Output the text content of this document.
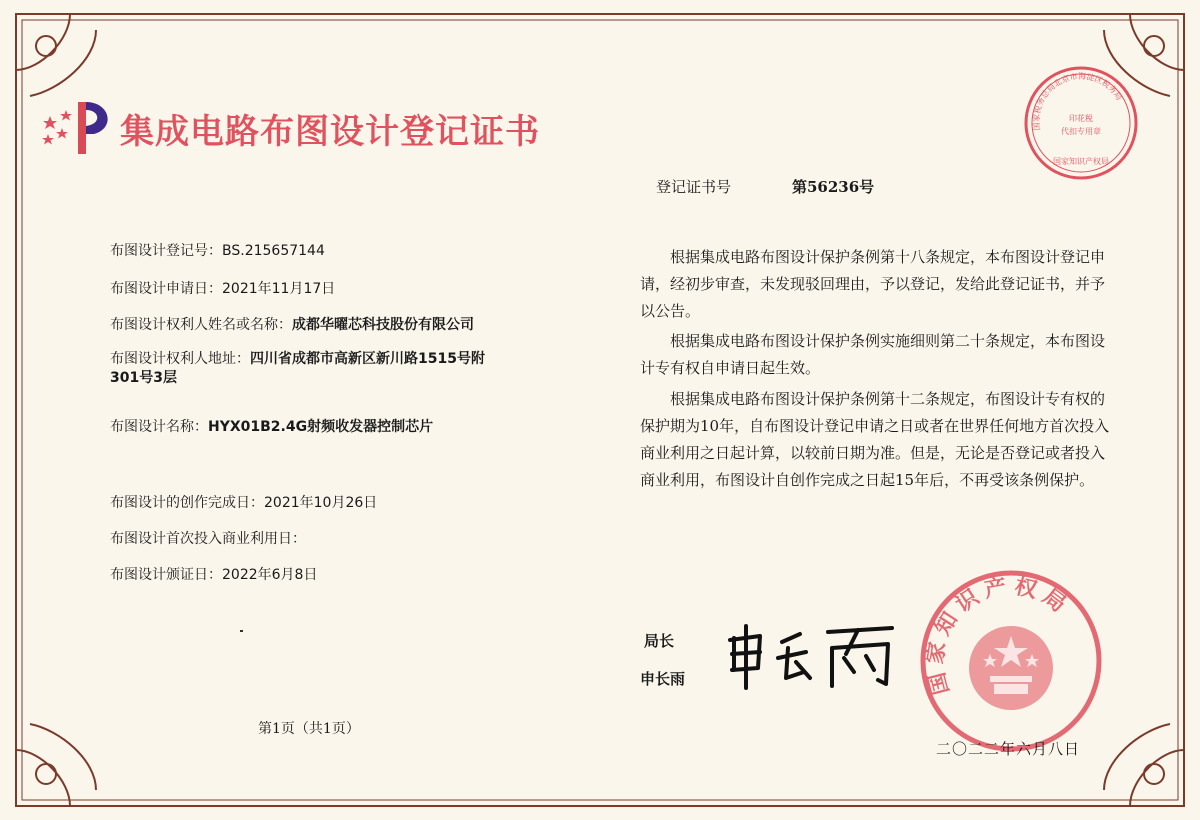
集成电路布图设计登记证书	国家税务总局北京市海淀区税务局
印花税
代扣专用章
国家知识产权局
登记证书号	第56236号
布图设计登记号：BS.215657144
布图设计申请日：2021年11月17日
布图设计权利人姓名或名称：成都华曜芯科技股份有限公司
布图设计权利人地址：四川省成都市高新区新川路1515号附301号3层
布图设计名称：HYX01B2.4G射频收发器控制芯片
布图设计的创作完成日：2021年10月26日
布图设计首次投入商业利用日：
布图设计颁证日：2022年6月8日
根据集成电路布图设计保护条例第十八条规定，本布图设计登记申请，经初步审查，未发现驳回理由，予以登记，发给此登记证书，并予以公告。
根据集成电路布图设计保护条例实施细则第二十条规定，本布图设计专有权自申请日起生效。
根据集成电路布图设计保护条例第十二条规定，布图设计专有权的保护期为10年，自布图设计登记申请之日或者在世界任何地方首次投入商业利用之日起计算，以较前日期为准。但是，无论是否登记或者投入商业利用，布图设计自创作完成之日起15年后，不再受该条例保护。
局长
申长雨	国家知识产权局
二〇二二年六月八日
第1页（共1页）
